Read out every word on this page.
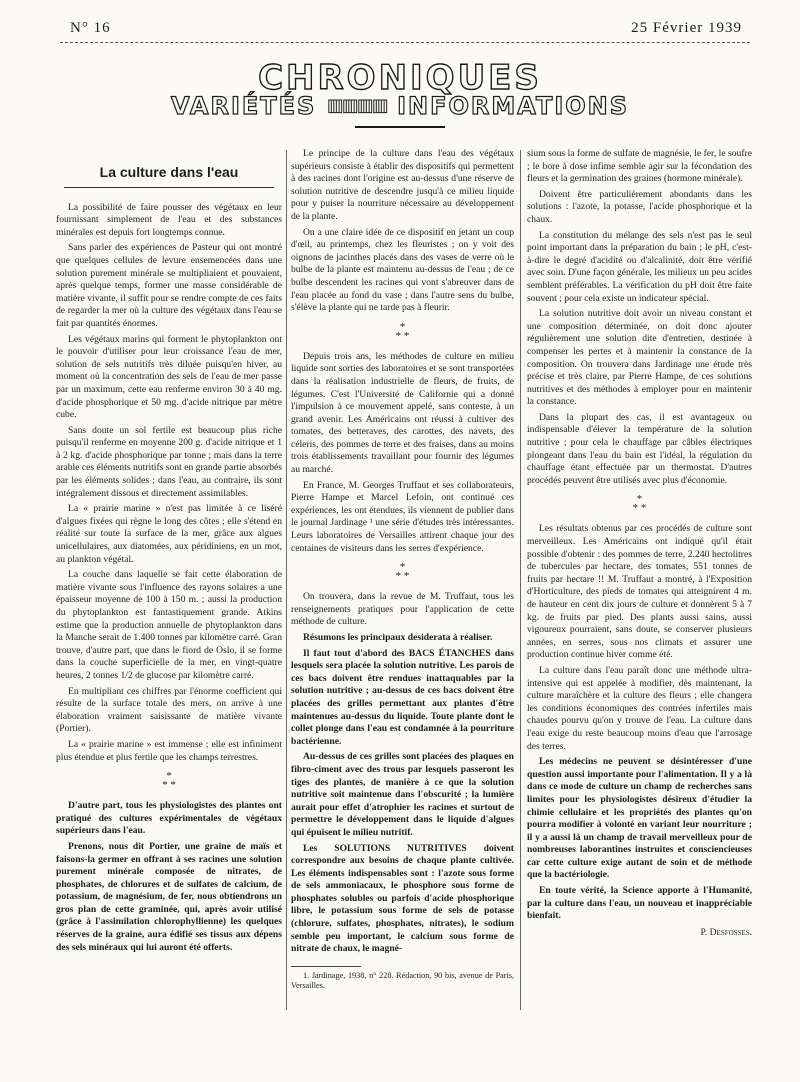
N° 16	25 Février 1939
CHRONIQUES
VARIÉTÉS ▥▥▥▥ INFORMATIONS
La culture dans l'eau

La possibilité de faire pousser des végétaux en leur fournissant simplement de l'eau et des substances minérales est depuis fort longtemps connue.

Sans parler des expériences de Pasteur qui ont montré que quelques cellules de levure ensemencées dans une solution purement minérale se multipliaient et pouvaient, après quelque temps, former une masse considérable de matière vivante, il suffit pour se rendre compte de ces faits de regarder la mer où la culture des végétaux dans l'eau se fait par quantités énormes.

Les végétaux marins qui forment le phytoplankton ont le pouvoir d'utiliser pour leur croissance l'eau de mer, solution de sels nutritifs très diluée puisqu'en hiver, au moment où la concentration des sels de l'eau de mer passe par un maximum, cette eau renferme environ 30 à 40 mg. d'acide phosphorique et 50 mg. d'acide nitrique par mètre cube.

Sans doute un sol fertile est beaucoup plus riche puisqu'il renferme en moyenne 200 g. d'acide nitrique et 1 à 2 kg. d'acide phosphorique par tonne ; mais dans la terre arable ces éléments nutritifs sont en grande partie absorbés par les éléments solides ; dans l'eau, au contraire, ils sont intégralement dissous et directement assimilables.

La « prairie marine » n'est pas limitée à ce liséré d'algues fixées qui règne le long des côtes ; elle s'étend en réalité sur toute la surface de la mer, grâce aux algues unicellulaires, aux diatomées, aux péridiniens, en un mot, au plankton végétal.

La couche dans laquelle se fait cette élaboration de matière vivante sous l'influence des rayons solaires a une épaisseur moyenne de 100 à 150 m. ; aussi la production du phytoplankton est fantastiquement grande. Atkins estime que la production annuelle de phytoplankton dans la Manche serait de 1.400 tonnes par kilomètre carré. Gran trouve, d'autre part, que dans le fiord de Oslo, il se forme dans la couche superficielle de la mer, en vingt-quatre heures, 2 tonnes 1/2 de glucose par kilomètre carré.

En multipliant ces chiffres par l'énorme coefficient qui résulte de la surface totale des mers, on arrive à une élaboration vraiment saisissante de matière vivante (Portier).

La « prairie marine » est immense ; elle est infiniment plus étendue et plus fertile que les champs terrestres.

*
* *

D'autre part, tous les physiologistes des plantes ont pratiqué des cultures expérimentales de végétaux supérieurs dans l'eau.

Prenons, nous dit Portier, une graine de maïs et faisons-la germer en offrant à ses racines une solution purement minérale composée de nitrates, de phosphates, de chlorures et de sulfates de calcium, de potassium, de magnésium, de fer, nous obtiendrons un gros plan de cette graminée, qui, après avoir utilisé (grâce à l'assimilation chlorophyllienne) les quelques réserves de la graine, aura édifié ses tissus aux dépens des sels minéraux qui lui auront été offerts.

Le principe de la culture dans l'eau des végétaux supérieurs consiste à établir des dispositifs qui permettent à des racines dont l'origine est au-dessus d'une réserve de solution nutritive de descendre jusqu'à ce milieu liquide pour y puiser la nourriture nécessaire au développement de la plante.

On a une claire idée de ce dispositif en jetant un coup d'œil, au printemps, chez les fleuristes ; on y voit des oignons de jacinthes placés dans des vases de verre où le bulbe de la plante est maintenu au-dessus de l'eau ; de ce bulbe descendent les racines qui vont s'abreuver dans de l'eau placée au fond du vase ; dans l'autre sens du bulbe, s'élève la plante qui ne tarde pas à fleurir.

*
* *

Depuis trois ans, les méthodes de culture en milieu liquide sont sorties des laboratoires et se sont transportées dans la réalisation industrielle de fleurs, de fruits, de légumes. C'est l'Université de Californie qui a donné l'impulsion à ce mouvement appelé, sans conteste, à un grand avenir. Les Américains ont réussi à cultiver des tomates, des betteraves, des carottes, des navets, des céleris, des pommes de terre et des fraises, dans au moins trois établissements travaillant pour fournir des légumes au marché.

En France, M. Georges Truffaut et ses collaborateurs, Pierre Hampe et Marcel Lefoin, ont continué ces expériences, les ont étendues, ils viennent de publier dans le journal Jardinage ¹ une série d'études très intéressantes. Leurs laboratoires de Versailles attirent chaque jour des centaines de visiteurs dans les serres d'expérience.

*
* *

On trouvera, dans la revue de M. Truffaut, tous les renseignements pratiques pour l'application de cette méthode de culture.

Résumons les principaux desiderata à réaliser.

Il faut tout d'abord des BACS ÉTANCHES dans lesquels sera placée la solution nutritive. Les parois de ces bacs doivent être rendues inattaquables par la solution nutritive ; au-dessus de ces bacs doivent être placées des grilles permettant aux plantes d'être maintenues au-dessus du liquide. Toute plante dont le collet plonge dans l'eau est condamnée à la pourriture bactérienne.

Au-dessus de ces grilles sont placées des plaques en fibro-ciment avec des trous par lesquels passeront les tiges des plantes, de manière à ce que la solution nutritive soit maintenue dans l'obscurité ; la lumière aurait pour effet d'atrophier les racines et surtout de permettre le développement dans le liquide d'algues qui épuisent le milieu nutritif.

Les SOLUTIONS NUTRITIVES doivent correspondre aux besoins de chaque plante cultivée. Les éléments indispensables sont : l'azote sous forme de sels ammoniacaux, le phosphore sous forme de phosphates solubles ou parfois d'acide phosphorique libre, le potassium sous forme de sels de potasse (chlorure, sulfates, phosphates, nitrates), le sodium semble peu important, le calcium sous forme de nitrate de chaux, le magné-

1. Jardinage, 1938, n° 228. Rédaction, 90 bis, avenue de Paris, Versailles.

sium sous la forme de sulfate de magnésie, le fer, le soufre ; le bore à dose infime semble agir sur la fécondation des fleurs et la germination des graines (hormone minérale).

Doivent être particulièrement abondants dans les solutions : l'azote, la potasse, l'acide phosphorique et la chaux.

La constitution du mélange des sels n'est pas le seul point important dans la préparation du bain ; le pH, c'est-à-dire le degré d'acidité ou d'alcalinité, doit être vérifié avec soin. D'une façon générale, les milieux un peu acides semblent préférables. La vérification du pH doit être faite souvent ; pour cela existe un indicateur spécial.

La solution nutritive doit avoir un niveau constant et une composition déterminée, on doit donc ajouter régulièrement une solution dite d'entretien, destinée à compenser les pertes et à maintenir la constance de la composition. On trouvera dans Jardinage une étude très précise et très claire, par Pierre Hampe, de ces solutions nutritives et des méthodes à employer pour en maintenir la constance.

Dans la plupart des cas, il est avantageux ou indispensable d'élever la température de la solution nutritive ; pour cela le chauffage par câbles électriques plongeant dans l'eau du bain est l'idéal, la régulation du chauffage étant effectuée par un thermostat. D'autres procédés peuvent être utilisés avec plus d'économie.

*
* *

Les résultats obtenus par ces procédés de culture sont merveilleux. Les Américains ont indiqué qu'il était possible d'obtenir : des pommes de terre, 2.240 hectolitres de tubercules par hectare, des tomates, 551 tonnes de fruits par hectare !! M. Truffaut a montré, à l'Exposition d'Horticulture, des pieds de tomates qui atteignirent 4 m. de hauteur en cent dix jours de culture et donnèrent 5 à 7 kg. de fruits par pied. Des plants aussi sains, aussi vigoureux pourraient, sans doute, se conserver plusieurs années, en serres, sous nos climats et assurer une production continue hiver comme été.

La culture dans l'eau paraît donc une méthode ultra-intensive qui est appelée à modifier, dès maintenant, la culture maraîchère et la culture des fleurs ; elle changera les conditions économiques des contrées infertiles mais chaudes pourvu qu'on y trouve de l'eau. La culture dans l'eau exige du reste beaucoup moins d'eau que l'arrosage des terres.

Les médecins ne peuvent se désintéresser d'une question aussi importante pour l'alimentation. Il y a là dans ce mode de culture un champ de recherches sans limites pour les physiologistes désireux d'étudier la chimie cellulaire et les propriétés des plantes qu'on pourra modifier à volonté en variant leur nourriture ; il y a aussi là un champ de travail merveilleux pour de nombreuses laborantines instruites et consciencieuses car cette culture exige autant de soin et de méthode que la bactériologie.

En toute vérité, la Science apporte à l'Humanité, par la culture dans l'eau, un nouveau et inappréciable bienfait.

P. Desfosses.
